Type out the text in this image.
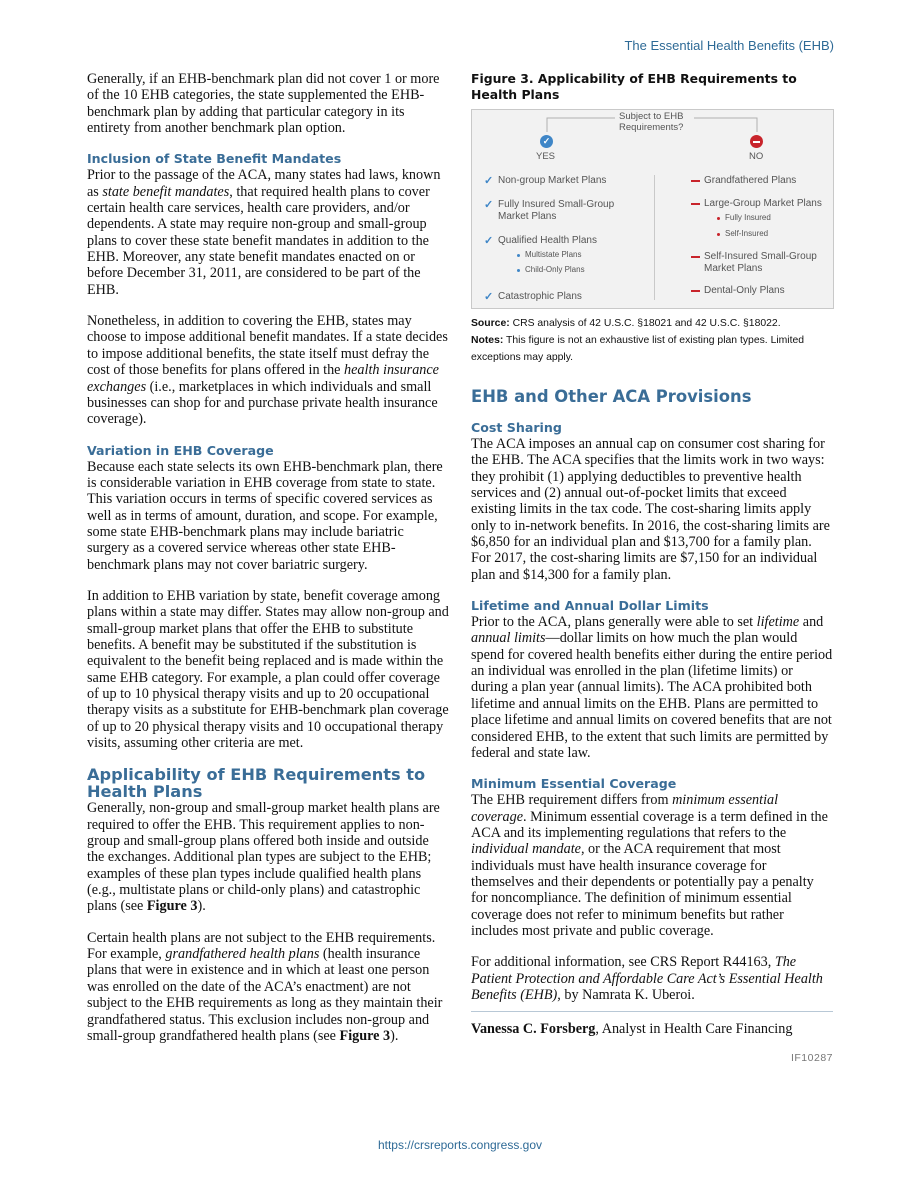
The Essential Health Benefits (EHB)

Generally, if an EHB-benchmark plan did not cover 1 or more of the 10 EHB categories, the state supplemented the EHB-benchmark plan by adding that particular category in its entirety from another benchmark plan option.

Inclusion of State Benefit Mandates

Prior to the passage of the ACA, many states had laws, known as state benefit mandates, that required health plans to cover certain health care services, health care providers, and/or dependents. A state may require non-group and small-group plans to cover these state benefit mandates in addition to the EHB. Moreover, any state benefit mandates enacted on or before December 31, 2011, are considered to be part of the EHB.

Nonetheless, in addition to covering the EHB, states may choose to impose additional benefit mandates. If a state decides to impose additional benefits, the state itself must defray the cost of those benefits for plans offered in the health insurance exchanges (i.e., marketplaces in which individuals and small businesses can shop for and purchase private health insurance coverage).

Variation in EHB Coverage

Because each state selects its own EHB-benchmark plan, there is considerable variation in EHB coverage from state to state. This variation occurs in terms of specific covered services as well as in terms of amount, duration, and scope. For example, some state EHB-benchmark plans may include bariatric surgery as a covered service whereas other state EHB-benchmark plans may not cover bariatric surgery.

In addition to EHB variation by state, benefit coverage among plans within a state may differ. States may allow non-group and small-group market plans that offer the EHB to substitute benefits. A benefit may be substituted if the substitution is equivalent to the benefit being replaced and is made within the same EHB category. For example, a plan could offer coverage of up to 10 physical therapy visits and up to 20 occupational therapy visits as a substitute for EHB-benchmark plan coverage of up to 20 physical therapy visits and 10 occupational therapy visits, assuming other criteria are met.

Applicability of EHB Requirements to Health Plans

Generally, non-group and small-group market health plans are required to offer the EHB. This requirement applies to non-group and small-group plans offered both inside and outside the exchanges. Additional plan types are subject to the EHB; examples of these plan types include qualified health plans (e.g., multistate plans or child-only plans) and catastrophic plans (see Figure 3).

Certain health plans are not subject to the EHB requirements. For example, grandfathered health plans (health insurance plans that were in existence and in which at least one person was enrolled on the date of the ACA’s enactment) are not subject to the EHB requirements as long as they maintain their grandfathered status. This exclusion includes non-group and small-group grandfathered health plans (see Figure 3).

Figure 3. Applicability of EHB Requirements to Health Plans
Subject to EHB
Requirements?
✓
YES	NO
✓ Non-group Market Plans
✓ Fully Insured Small-Group
Market Plans
✓ Qualified Health Plans
Multistate Plans
Child-Only Plans
✓ Catastrophic Plans
Grandfathered Plans
Large-Group Market Plans
Fully Insured
Self-Insured
Self-Insured Small-Group
Market Plans
Dental-Only Plans
Source: CRS analysis of 42 U.S.C. §18021 and 42 U.S.C. §18022.
Notes: This figure is not an exhaustive list of existing plan types. Limited exceptions may apply.
EHB and Other ACA Provisions
Cost Sharing

The ACA imposes an annual cap on consumer cost sharing for the EHB. The ACA specifies that the limits work in two ways: they prohibit (1) applying deductibles to preventive health services and (2) annual out-of-pocket limits that exceed existing limits in the tax code. The cost-sharing limits apply only to in-network benefits. In 2016, the cost-sharing limits are $6,850 for an individual plan and $13,700 for a family plan. For 2017, the cost-sharing limits are $7,150 for an individual plan and $14,300 for a family plan.

Lifetime and Annual Dollar Limits

Prior to the ACA, plans generally were able to set lifetime and annual limits—dollar limits on how much the plan would spend for covered health benefits either during the entire period an individual was enrolled in the plan (lifetime limits) or during a plan year (annual limits). The ACA prohibited both lifetime and annual limits on the EHB. Plans are permitted to place lifetime and annual limits on covered benefits that are not considered EHB, to the extent that such limits are permitted by federal and state law.

Minimum Essential Coverage

The EHB requirement differs from minimum essential coverage. Minimum essential coverage is a term defined in the ACA and its implementing regulations that refers to the individual mandate, or the ACA requirement that most individuals must have health insurance coverage for themselves and their dependents or potentially pay a penalty for noncompliance. The definition of minimum essential coverage does not refer to minimum benefits but rather includes most private and public coverage.

For additional information, see CRS Report R44163, The Patient Protection and Affordable Care Act’s Essential Health Benefits (EHB), by Namrata K. Uberoi.

Vanessa C. Forsberg, Analyst in Health Care Financing
IF10287
https://crsreports.congress.gov
